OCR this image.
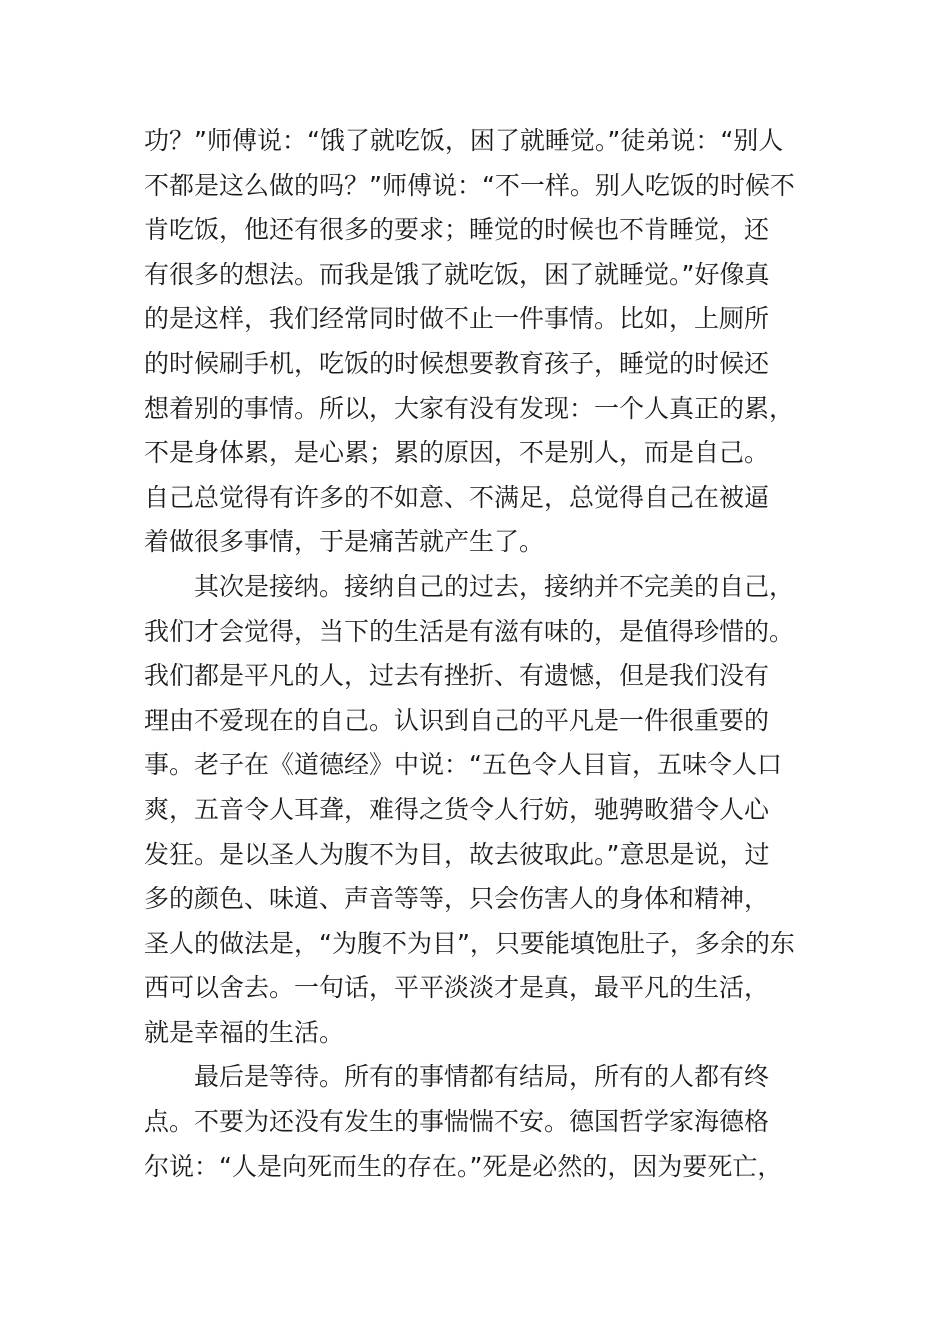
功？”师傅说：“饿了就吃饭，困了就睡觉。”徒弟说：“别人

不都是这么做的吗？”师傅说：“不一样。别人吃饭的时候不

肯吃饭，他还有很多的要求；睡觉的时候也不肯睡觉，还

有很多的想法。而我是饿了就吃饭，困了就睡觉。”好像真

的是这样，我们经常同时做不止一件事情。比如，上厕所

的时候刷手机，吃饭的时候想要教育孩子，睡觉的时候还

想着别的事情。所以，大家有没有发现：一个人真正的累，

不是身体累，是心累；累的原因，不是别人，而是自己。

自己总觉得有许多的不如意、不满足，总觉得自己在被逼

着做很多事情，于是痛苦就产生了。

　　其次是接纳。接纳自己的过去，接纳并不完美的自己，

我们才会觉得，当下的生活是有滋有味的，是值得珍惜的。

我们都是平凡的人，过去有挫折、有遗憾，但是我们没有

理由不爱现在的自己。认识到自己的平凡是一件很重要的

事。老子在《道德经》中说：“五色令人目盲，五味令人口

爽，五音令人耳聋，难得之货令人行妨，驰骋畋猎令人心

发狂。是以圣人为腹不为目，故去彼取此。”意思是说，过

多的颜色、味道、声音等等，只会伤害人的身体和精神，

圣人的做法是，“为腹不为目”，只要能填饱肚子，多余的东

西可以舍去。一句话，平平淡淡才是真，最平凡的生活，

就是幸福的生活。

　　最后是等待。所有的事情都有结局，所有的人都有终

点。不要为还没有发生的事惴惴不安。德国哲学家海德格

尔说：“人是向死而生的存在。”死是必然的，因为要死亡，
